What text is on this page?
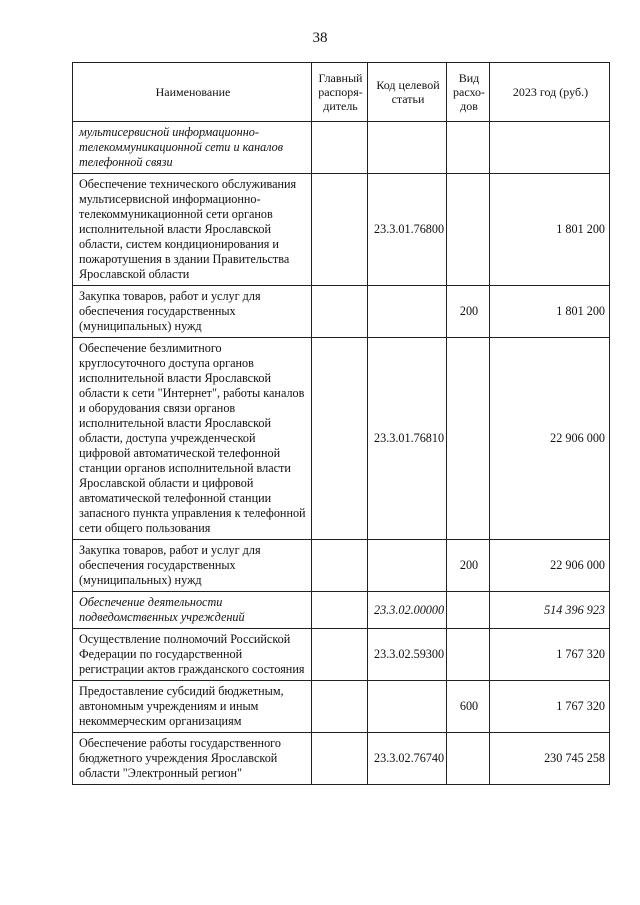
38
Наименование	Главный распоря-дитель	Код целевой статьи	Вид расхо-дов	2023 год (руб.)
мультисервисной информационно-телекоммуникационной сети и каналов телефонной связи				
Обеспечение технического обслуживания мультисервисной информационно-телекоммуникационной сети органов исполнительной власти Ярославской области, систем кондиционирования и пожаротушения в здании Правительства Ярославской области		23.3.01.76800		1 801 200
Закупка товаров, работ и услуг для обеспечения государственных (муниципальных) нужд			200	1 801 200
Обеспечение безлимитного круглосуточного доступа органов исполнительной власти Ярославской области к сети "Интернет", работы каналов и оборудования связи органов исполнительной власти Ярославской области, доступа учрежденческой цифровой автоматической телефонной станции органов исполнительной власти Ярославской области и цифровой автоматической телефонной станции запасного пункта управления к телефонной сети общего пользования		23.3.01.76810		22 906 000
Закупка товаров, работ и услуг для обеспечения государственных (муниципальных) нужд			200	22 906 000
Обеспечение деятельности подведомственных учреждений		23.3.02.00000		514 396 923
Осуществление полномочий Российской Федерации по государственной регистрации актов гражданского состояния		23.3.02.59300		1 767 320
Предоставление субсидий бюджетным, автономным учреждениям и иным некоммерческим организациям			600	1 767 320
Обеспечение работы государственного бюджетного учреждения Ярославской области "Электронный регион"		23.3.02.76740		230 745 258
